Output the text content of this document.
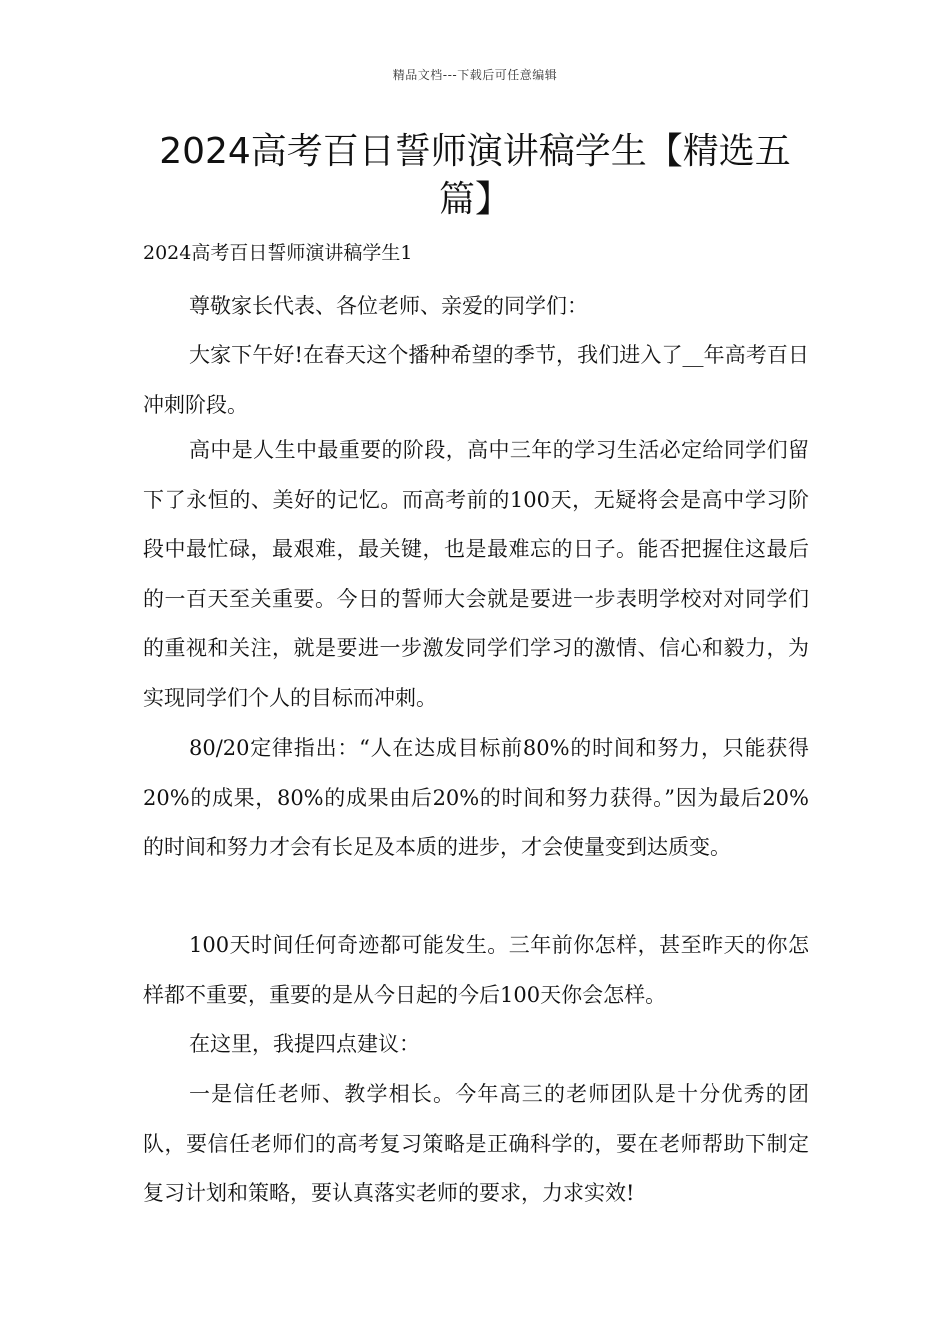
精品文档---下载后可任意编辑
2024高考百日誓师演讲稿学生【精选五篇】
2024高考百日誓师演讲稿学生1

尊敬家长代表、各位老师、亲爱的同学们：

大家下午好!在春天这个播种希望的季节，我们进入了__年高考百日冲刺阶段。

高中是人生中最重要的阶段，高中三年的学习生活必定给同学们留下了永恒的、美好的记忆。而高考前的100天，无疑将会是高中学习阶段中最忙碌，最艰难，最关键，也是最难忘的日子。能否把握住这最后的一百天至关重要。今日的誓师大会就是要进一步表明学校对对同学们的重视和关注，就是要进一步激发同学们学习的激情、信心和毅力，为实现同学们个人的目标而冲刺。

80/20定律指出：“人在达成目标前80%的时间和努力，只能获得20%的成果，80%的成果由后20%的时间和努力获得。”因为最后20%的时间和努力才会有长足及本质的进步，才会使量变到达质变。

100天时间任何奇迹都可能发生。三年前你怎样，甚至昨天的你怎样都不重要，重要的是从今日起的今后100天你会怎样。

在这里，我提四点建议：

一是信任老师、教学相长。今年高三的老师团队是十分优秀的团队，要信任老师们的高考复习策略是正确科学的，要在老师帮助下制定复习计划和策略，要认真落实老师的要求，力求实效!
